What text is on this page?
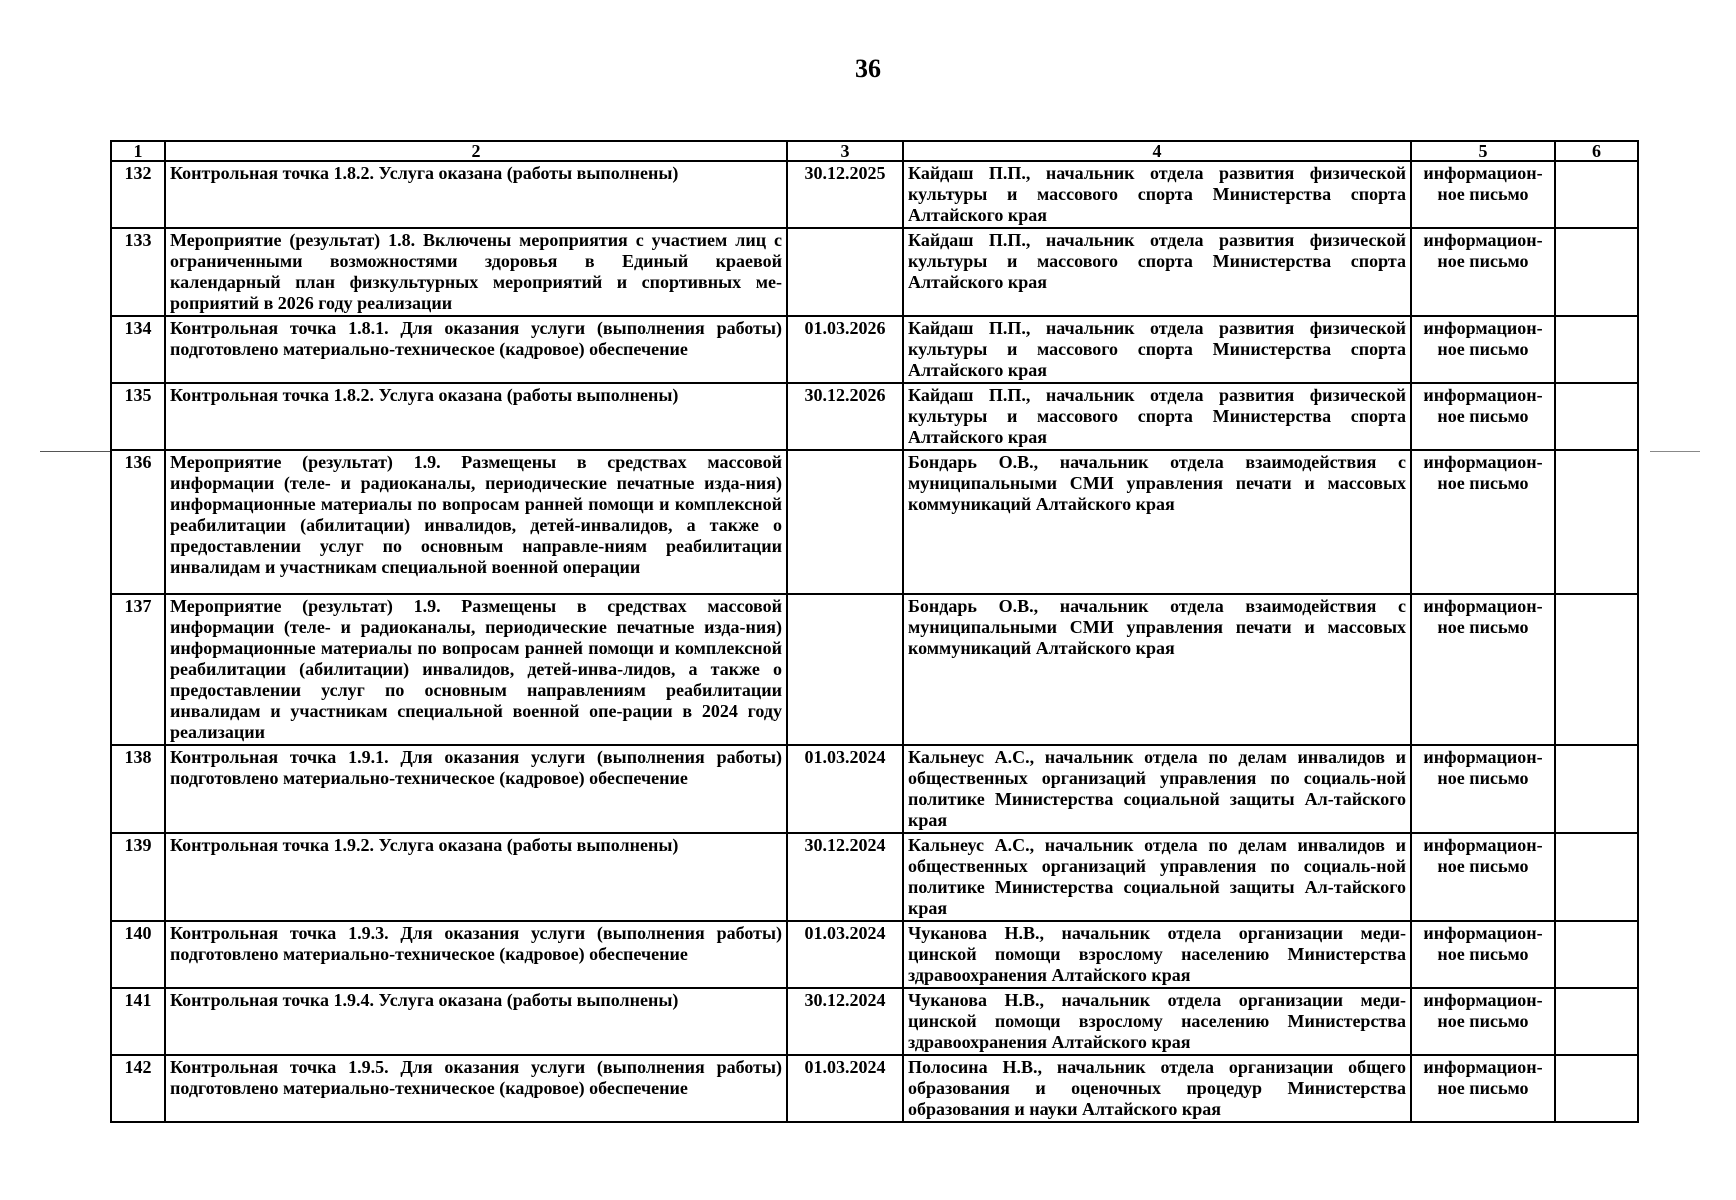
36
1	2	3	4	5	6
132	Контрольная точка 1.8.2. Услуга оказана (работы выполнены)	30.12.2025	Кайдаш П.П., начальник отдела развития физической культуры и массового спорта Министерства спорта Алтайского края	информацион-ное письмо	
133	Мероприятие (результат) 1.8. Включены мероприятия с участием лиц с ограниченными возможностями здоровья в Единый краевой календарный план физкультурных мероприятий и спортивных ме-роприятий в 2026 году реализации		Кайдаш П.П., начальник отдела развития физической культуры и массового спорта Министерства спорта Алтайского края	информацион-ное письмо	
134	Контрольная точка 1.8.1. Для оказания услуги (выполнения работы) подготовлено материально-техническое (кадровое) обеспечение	01.03.2026	Кайдаш П.П., начальник отдела развития физической культуры и массового спорта Министерства спорта Алтайского края	информацион-ное письмо	
135	Контрольная точка 1.8.2. Услуга оказана (работы выполнены)	30.12.2026	Кайдаш П.П., начальник отдела развития физической культуры и массового спорта Министерства спорта Алтайского края	информацион-ное письмо	
136	Мероприятие (результат) 1.9. Размещены в средствах массовой информации (теле- и радиоканалы, периодические печатные изда-ния) информационные материалы по вопросам ранней помощи и комплексной реабилитации (абилитации) инвалидов, детей-инвалидов, а также о предоставлении услуг по основным направле-ниям реабилитации инвалидам и участникам специальной военной операции		Бондарь О.В., начальник отдела взаимодействия с муниципальными СМИ управления печати и массовых коммуникаций Алтайского края	информацион-ное письмо	
137	Мероприятие (результат) 1.9. Размещены в средствах массовой информации (теле- и радиоканалы, периодические печатные изда-ния) информационные материалы по вопросам ранней помощи и комплексной реабилитации (абилитации) инвалидов, детей-инва-лидов, а также о предоставлении услуг по основным направлениям реабилитации инвалидам и участникам специальной военной опе-рации в 2024 году реализации		Бондарь О.В., начальник отдела взаимодействия с муниципальными СМИ управления печати и массовых коммуникаций Алтайского края	информацион-ное письмо	
138	Контрольная точка 1.9.1. Для оказания услуги (выполнения работы) подготовлено материально-техническое (кадровое) обеспечение	01.03.2024	Кальнеус А.С., начальник отдела по делам инвалидов и общественных организаций управления по социаль-ной политике Министерства социальной защиты Ал-тайского края	информацион-ное письмо	
139	Контрольная точка 1.9.2. Услуга оказана (работы выполнены)	30.12.2024	Кальнеус А.С., начальник отдела по делам инвалидов и общественных организаций управления по социаль-ной политике Министерства социальной защиты Ал-тайского края	информацион-ное письмо	
140	Контрольная точка 1.9.3. Для оказания услуги (выполнения работы) подготовлено материально-техническое (кадровое) обеспечение	01.03.2024	Чуканова Н.В., начальник отдела организации меди-цинской помощи взрослому населению Министерства здравоохранения Алтайского края	информацион-ное письмо	
141	Контрольная точка 1.9.4. Услуга оказана (работы выполнены)	30.12.2024	Чуканова Н.В., начальник отдела организации меди-цинской помощи взрослому населению Министерства здравоохранения Алтайского края	информацион-ное письмо	
142	Контрольная точка 1.9.5. Для оказания услуги (выполнения работы) подготовлено материально-техническое (кадровое) обеспечение	01.03.2024	Полосина Н.В., начальник отдела организации общего образования и оценочных процедур Министерства образования и науки Алтайского края	информацион-ное письмо	
